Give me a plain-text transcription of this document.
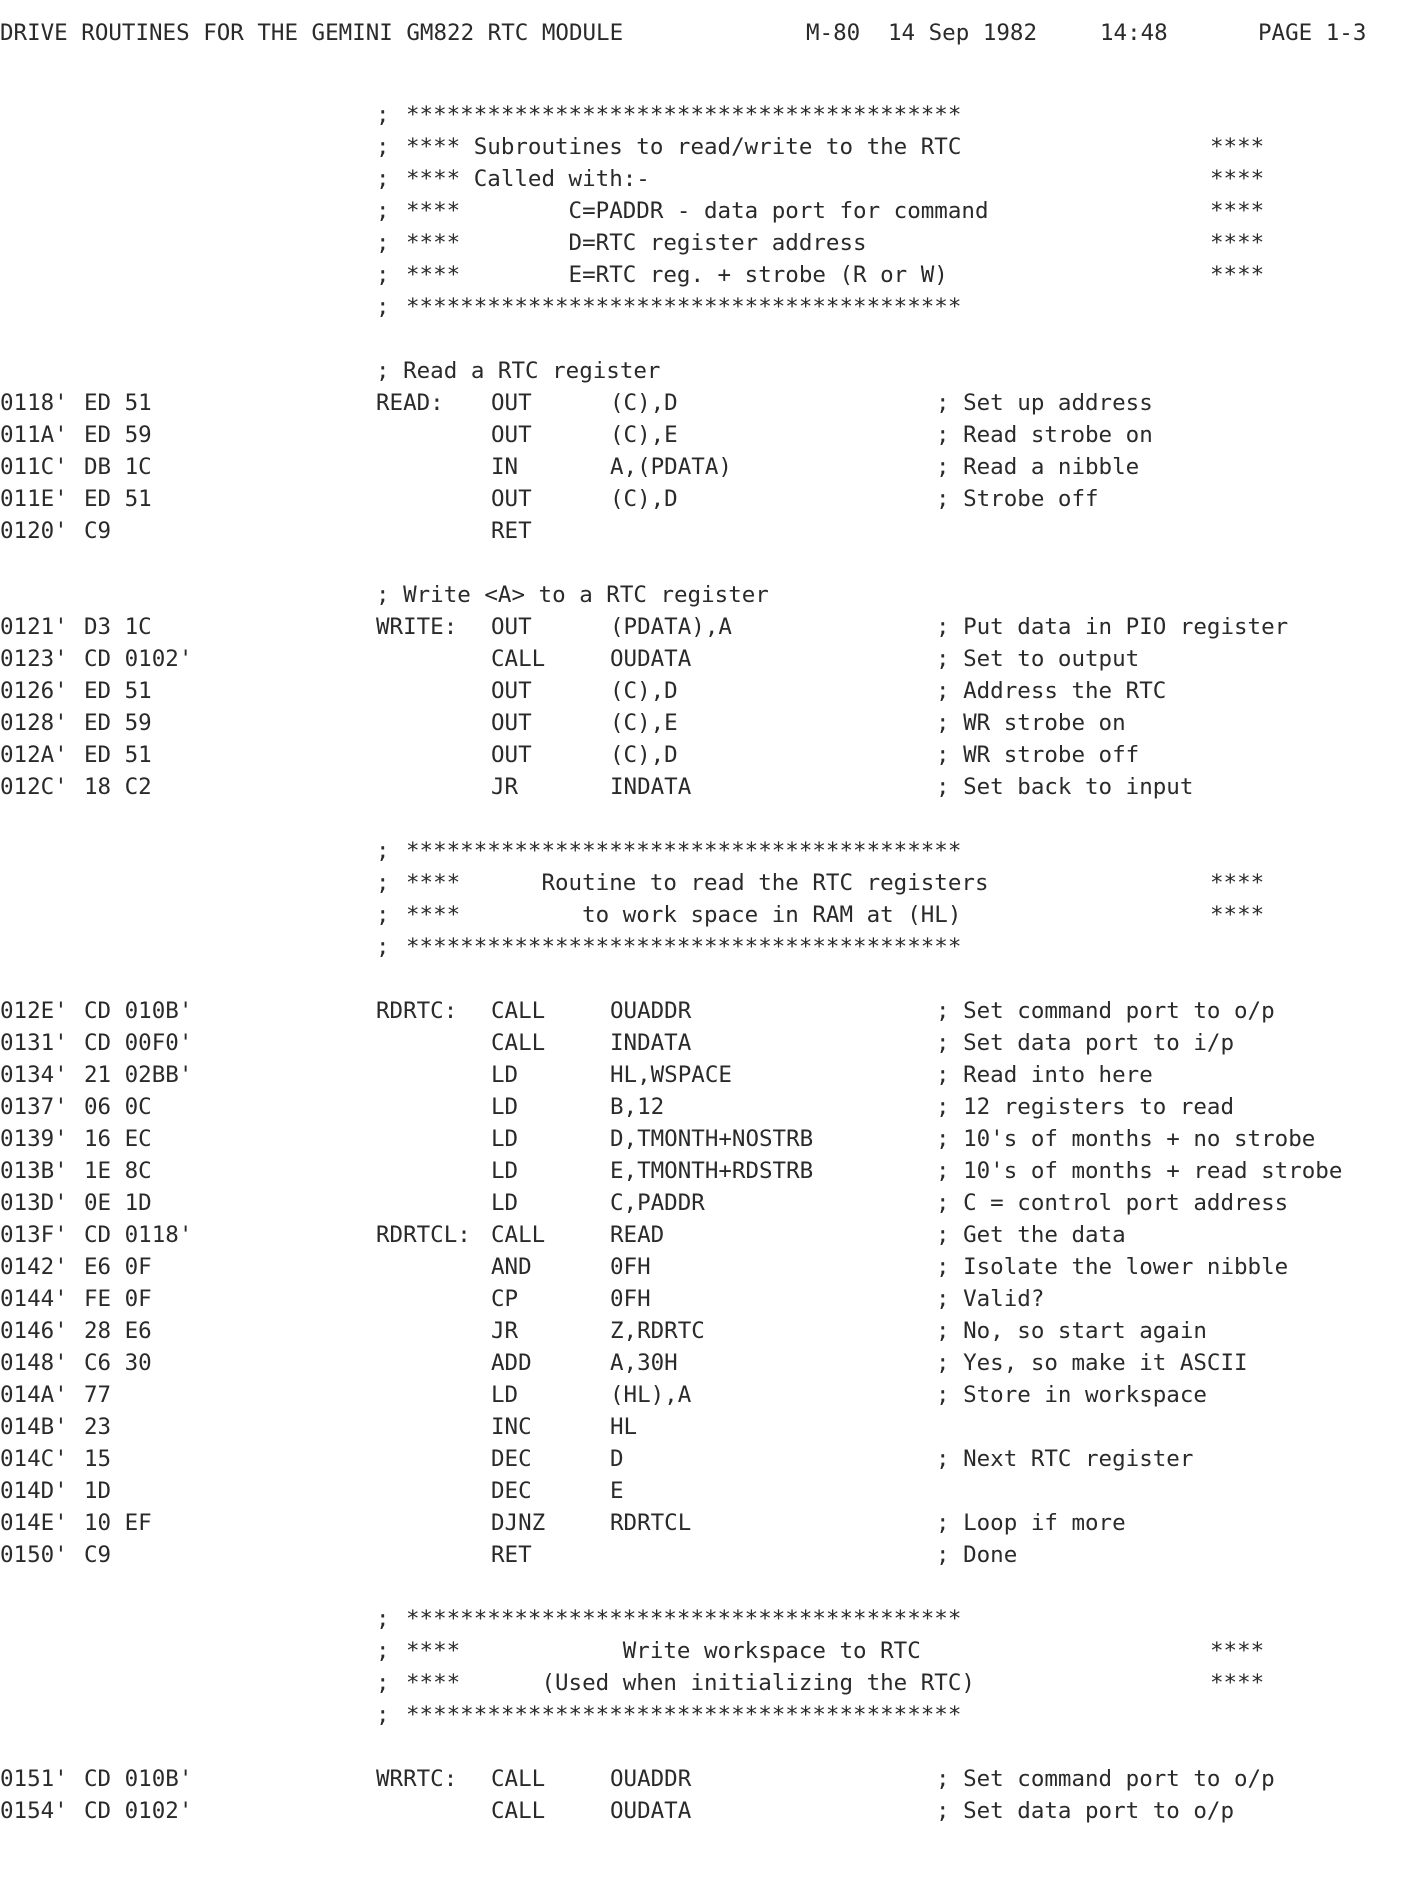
DRIVE ROUTINES FOR THE GEMINI GM822 RTC MODULE

	M-80

14 Sep 1982

	14:48

	PAGE 1-3

; *****************************************
; **** Subroutines to read/write to the RTC	****
; **** Called with:-	****
; ****        C=PADDR - data port for command	****
; ****        D=RTC register address	****
; ****        E=RTC reg. + strobe (R or W)	****
; *****************************************
; Read a RTC register
0118' ED 51	READ: OUT	(C),D	; Set up address
011A' ED 59	OUT	(C),E	; Read strobe on
011C' DB 1C	IN	A,(PDATA)	; Read a nibble
011E' ED 51	OUT	(C),D	; Strobe off
0120' C9	RET
; Write <A> to a RTC register
0121' D3 1C	WRITE: OUT	(PDATA),A	; Put data in PIO register
0123' CD 0102'	CALL	OUDATA	; Set to output
0126' ED 51	OUT	(C),D	; Address the RTC
0128' ED 59	OUT	(C),E	; WR strobe on
012A' ED 51	OUT	(C),D	; WR strobe off
012C' 18 C2	JR	INDATA	; Set back to input
; *****************************************
; ****      Routine to read the RTC registers	****
; ****         to work space in RAM at (HL)	****
; *****************************************
012E' CD 010B'	RDRTC: CALL	OUADDR	; Set command port to o/p
0131' CD 00F0'	CALL	INDATA	; Set data port to i/p
0134' 21 02BB'	LD	HL,WSPACE	; Read into here
0137' 06 0C	LD	B,12	; 12 registers to read
0139' 16 EC	LD	D,TMONTH+NOSTRB	; 10's of months + no strobe
013B' 1E 8C	LD	E,TMONTH+RDSTRB	; 10's of months + read strobe
013D' 0E 1D	LD	C,PADDR	; C = control port address
013F' CD 0118'	RDRTCL: CALL	READ	; Get the data
0142' E6 0F	AND	0FH	; Isolate the lower nibble
0144' FE 0F	CP	0FH	; Valid?
0146' 28 E6	JR	Z,RDRTC	; No, so start again
0148' C6 30	ADD	A,30H	; Yes, so make it ASCII
014A' 77	LD	(HL),A	; Store in workspace
014B' 23	INC	HL
014C' 15	DEC	D	; Next RTC register
014D' 1D	DEC	E
014E' 10 EF	DJNZ	RDRTCL	; Loop if more
0150' C9	RET	; Done
; *****************************************
; ****            Write workspace to RTC	****
; ****      (Used when initializing the RTC)	****
; *****************************************
0151' CD 010B'	WRRTC: CALL	OUADDR	; Set command port to o/p
0154' CD 0102'	CALL	OUDATA	; Set data port to o/p
